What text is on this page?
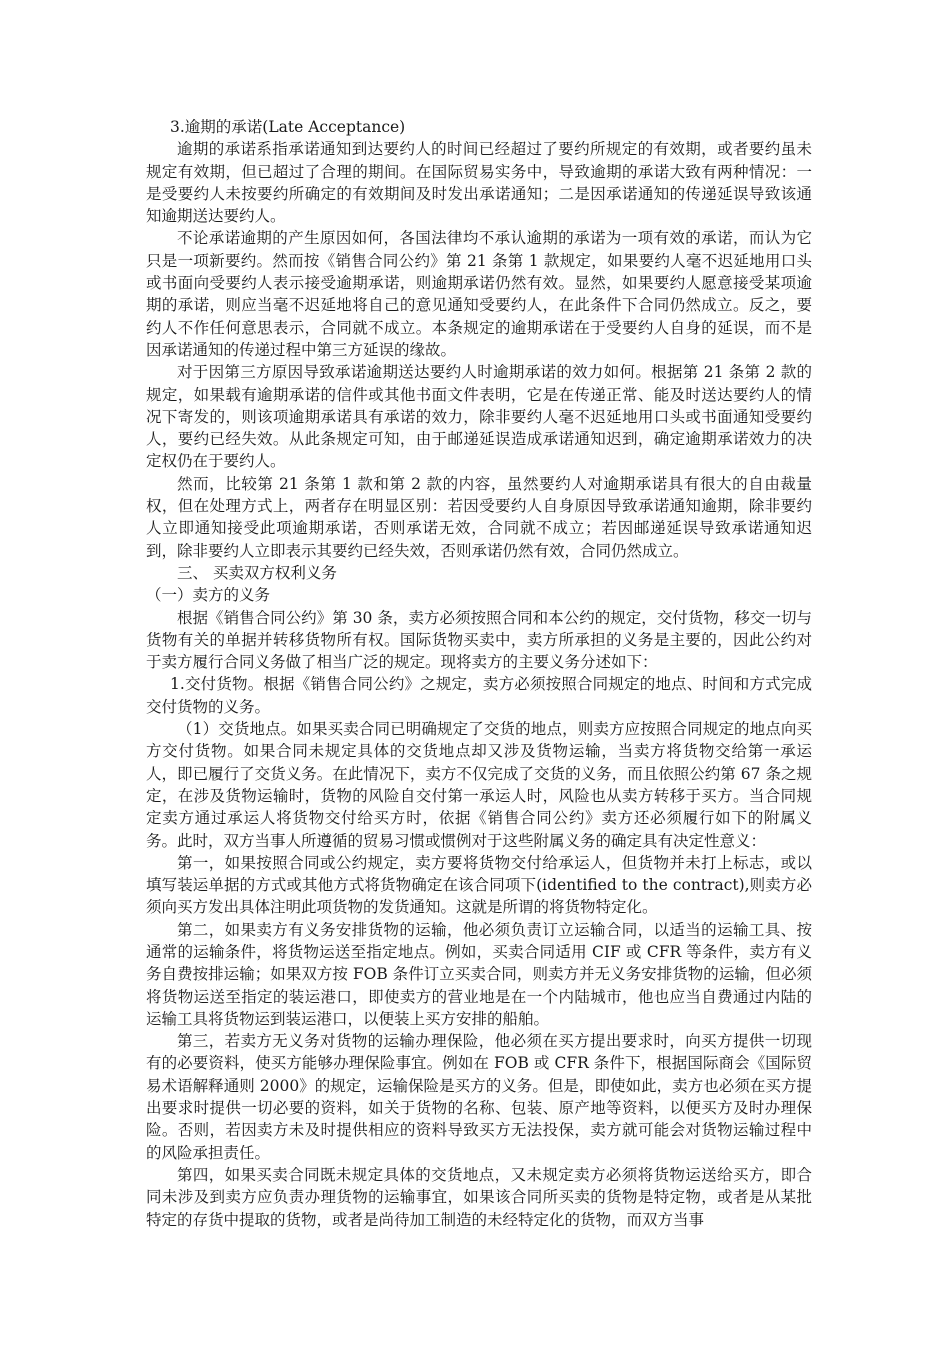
3.逾期的承诺(Late Acceptance)

逾期的承诺系指承诺通知到达要约人的时间已经超过了要约所规定的有效期，或者要约虽未规定有效期，但已超过了合理的期间。在国际贸易实务中，导致逾期的承诺大致有两种情况：一是受要约人未按要约所确定的有效期间及时发出承诺通知；二是因承诺通知的传递延误导致该通知逾期送达要约人。

不论承诺逾期的产生原因如何，各国法律均不承认逾期的承诺为一项有效的承诺，而认为它只是一项新要约。然而按《销售合同公约》第 21 条第 1 款规定，如果要约人毫不迟延地用口头或书面向受要约人表示接受逾期承诺，则逾期承诺仍然有效。显然，如果要约人愿意接受某项逾期的承诺，则应当毫不迟延地将自己的意见通知受要约人，在此条件下合同仍然成立。反之，要约人不作任何意思表示，合同就不成立。本条规定的逾期承诺在于受要约人自身的延误，而不是因承诺通知的传递过程中第三方延误的缘故。

对于因第三方原因导致承诺逾期送达要约人时逾期承诺的效力如何。根据第 21 条第 2 款的规定，如果载有逾期承诺的信件或其他书面文件表明，它是在传递正常、能及时送达要约人的情况下寄发的，则该项逾期承诺具有承诺的效力，除非要约人毫不迟延地用口头或书面通知受要约人，要约已经失效。从此条规定可知，由于邮递延误造成承诺通知迟到，确定逾期承诺效力的决定权仍在于要约人。

然而，比较第 21 条第 1 款和第 2 款的内容，虽然要约人对逾期承诺具有很大的自由裁量权，但在处理方式上，两者存在明显区别：若因受要约人自身原因导致承诺通知逾期，除非要约人立即通知接受此项逾期承诺，否则承诺无效，合同就不成立；若因邮递延误导致承诺通知迟到，除非要约人立即表示其要约已经失效，否则承诺仍然有效，合同仍然成立。

三、 买卖双方权利义务

（一）卖方的义务

根据《销售合同公约》第 30 条，卖方必须按照合同和本公约的规定，交付货物，移交一切与货物有关的单据并转移货物所有权。国际货物买卖中，卖方所承担的义务是主要的，因此公约对于卖方履行合同义务做了相当广泛的规定。现将卖方的主要义务分述如下：

1.交付货物。根据《销售合同公约》之规定，卖方必须按照合同规定的地点、时间和方式完成交付货物的义务。

（1）交货地点。如果买卖合同已明确规定了交货的地点，则卖方应按照合同规定的地点向买方交付货物。如果合同未规定具体的交货地点却又涉及货物运输，当卖方将货物交给第一承运人，即已履行了交货义务。在此情况下，卖方不仅完成了交货的义务，而且依照公约第 67 条之规定，在涉及货物运输时，货物的风险自交付第一承运人时，风险也从卖方转移于买方。当合同规定卖方通过承运人将货物交付给买方时，依据《销售合同公约》卖方还必须履行如下的附属义务。此时，双方当事人所遵循的贸易习惯或惯例对于这些附属义务的确定具有决定性意义：

第一，如果按照合同或公约规定，卖方要将货物交付给承运人，但货物并未打上标志，或以填写装运单据的方式或其他方式将货物确定在该合同项下(identified to the contract),则卖方必须向买方发出具体注明此项货物的发货通知。这就是所谓的将货物特定化。

第二，如果卖方有义务安排货物的运输，他必须负责订立运输合同，以适当的运输工具、按通常的运输条件，将货物运送至指定地点。例如，买卖合同适用 CIF 或 CFR 等条件，卖方有义务自费按排运输；如果双方按 FOB 条件订立买卖合同，则卖方并无义务安排货物的运输，但必须将货物运送至指定的装运港口，即使卖方的营业地是在一个内陆城市，他也应当自费通过内陆的运输工具将货物运到装运港口，以便装上买方安排的船舶。

第三，若卖方无义务对货物的运输办理保险，他必须在买方提出要求时，向买方提供一切现有的必要资料，使买方能够办理保险事宜。例如在 FOB 或 CFR 条件下，根据国际商会《国际贸易术语解释通则 2000》的规定，运输保险是买方的义务。但是，即使如此，卖方也必须在买方提出要求时提供一切必要的资料，如关于货物的名称、包装、原产地等资料，以便买方及时办理保险。否则，若因卖方未及时提供相应的资料导致买方无法投保，卖方就可能会对货物运输过程中的风险承担责任。

第四，如果买卖合同既未规定具体的交货地点，又未规定卖方必须将货物运送给买方，即合同未涉及到卖方应负责办理货物的运输事宜，如果该合同所买卖的货物是特定物，或者是从某批特定的存货中提取的货物，或者是尚待加工制造的未经特定化的货物，而双方当事
